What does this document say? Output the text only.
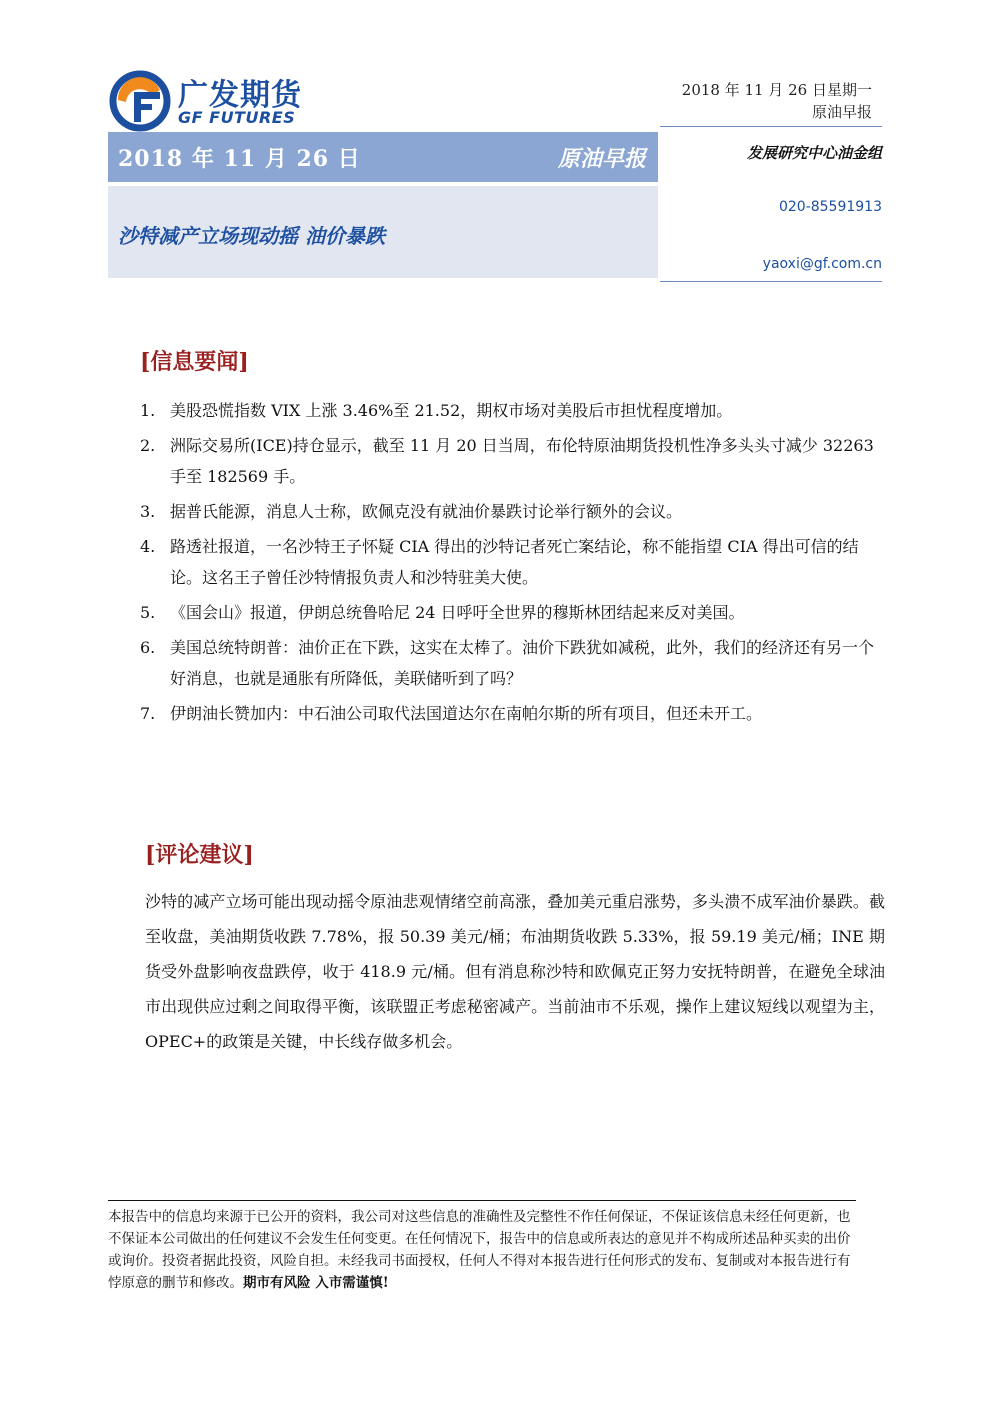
广发期货
GF FUTURES
2018 年 11 月 26 日星期一
原油早报
2018 年 11 月 26 日	原油早报
沙特减产立场现动摇 油价暴跌
发展研究中心油金组
020-85591913
yaoxi@gf.com.cn
[信息要闻]
1. 美股恐慌指数 VIX 上涨 3.46%至 21.52，期权市场对美股后市担忧程度增加。
2. 洲际交易所(ICE)持仓显示，截至 11 月 20 日当周，布伦特原油期货投机性净多头头寸减少 32263 手至 182569 手。
3. 据普氏能源，消息人士称，欧佩克没有就油价暴跌讨论举行额外的会议。
4. 路透社报道，一名沙特王子怀疑 CIA 得出的沙特记者死亡案结论，称不能指望 CIA 得出可信的结论。这名王子曾任沙特情报负责人和沙特驻美大使。
5. 《国会山》报道，伊朗总统鲁哈尼 24 日呼吁全世界的穆斯林团结起来反对美国。
6. 美国总统特朗普：油价正在下跌，这实在太棒了。油价下跌犹如减税，此外，我们的经济还有另一个好消息，也就是通胀有所降低，美联储听到了吗？
7. 伊朗油长赞加内：中石油公司取代法国道达尔在南帕尔斯的所有项目，但还未开工。
[评论建议]
沙特的减产立场可能出现动摇令原油悲观情绪空前高涨，叠加美元重启涨势，多头溃不成军油价暴跌。截至收盘，美油期货收跌 7.78%，报 50.39 美元/桶；布油期货收跌 5.33%，报 59.19 美元/桶；INE 期货受外盘影响夜盘跌停，收于 418.9 元/桶。但有消息称沙特和欧佩克正努力安抚特朗普，在避免全球油市出现供应过剩之间取得平衡，该联盟正考虑秘密减产。当前油市不乐观，操作上建议短线以观望为主，OPEC+的政策是关键，中长线存做多机会。
本报告中的信息均来源于已公开的资料，我公司对这些信息的准确性及完整性不作任何保证，不保证该信息未经任何更新，也不保证本公司做出的任何建议不会发生任何变更。在任何情况下，报告中的信息或所表达的意见并不构成所述品种买卖的出价或询价。投资者据此投资，风险自担。未经我司书面授权，任何人不得对本报告进行任何形式的发布、复制或对本报告进行有悖原意的删节和修改。期市有风险 入市需谨慎!
